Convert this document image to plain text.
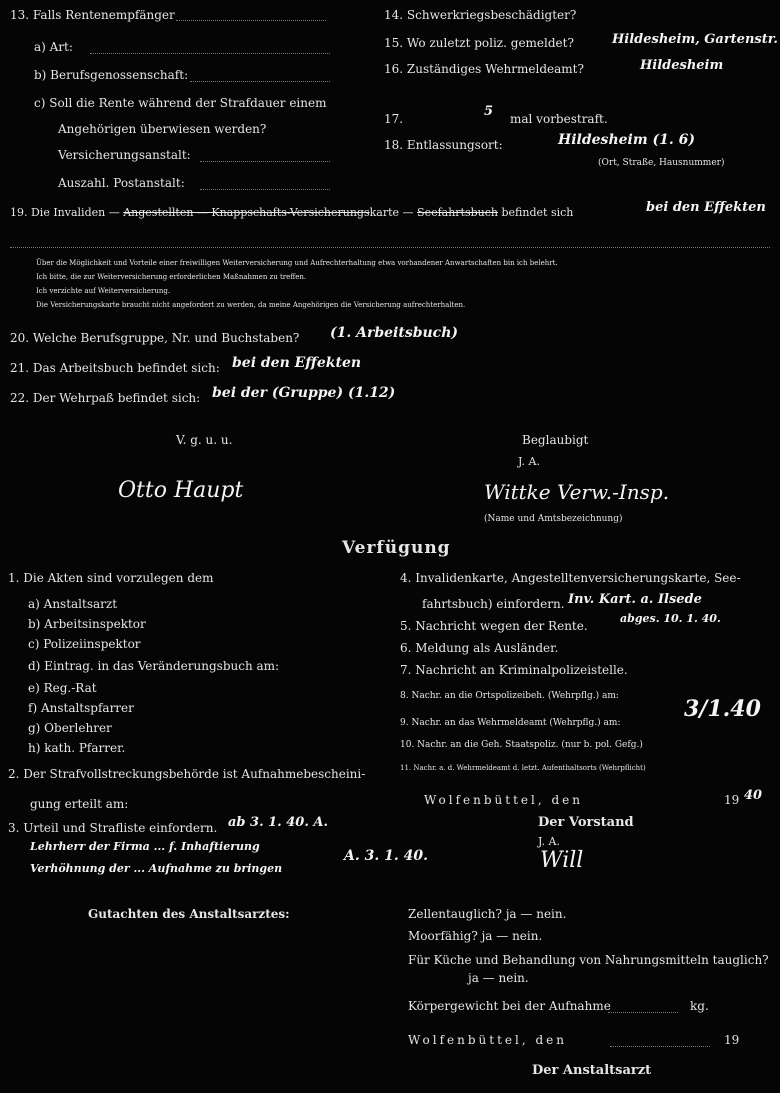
13. Falls Rentenempfänger
a) Art:
b) Berufsgenossenschaft:
c) Soll die Rente während der Strafdauer einem
Angehörigen überwiesen werden?
Versicherungsanstalt:
Auszahl. Postanstalt:
14. Schwerkriegsbeschädigter?
15. Wo zuletzt poliz. gemeldet?	Hildesheim, Gartenstr.
16. Zuständiges Wehrmeldeamt?	Hildesheim
17.	5 mal vorbestraft.
18. Entlassungsort:	Hildesheim (1. 6)
(Ort, Straße, Hausnummer)
19. Die Invaliden — Angestellten — Knappschafts-Versicherungskarte — Seefahrtsbuch befindet sich	bei den Effekten
Über die Möglichkeit und Vorteile einer freiwilligen Weiterversicherung und Aufrechterhaltung etwa vorhandener Anwartschaften bin ich belehrt.
Ich bitte, die zur Weiterversicherung erforderlichen Maßnahmen zu treffen.
Ich verzichte auf Weiterversicherung.
Die Versicherungskarte braucht nicht angefordert zu werden, da meine Angehörigen die Versicherung aufrechterhalten.
20. Welche Berufsgruppe, Nr. und Buchstaben? (1. Arbeitsbuch)
21. Das Arbeitsbuch befindet sich: bei den Effekten
22. Der Wehrpaß befindet sich: bei der (Gruppe) (1.12)
V. g. u. u.
Otto Haupt
Beglaubigt
J. A.
Wittke Verw.-Insp.
(Name und Amtsbezeichnung)
Verfügung
1. Die Akten sind vorzulegen dem
a) Anstaltsarzt
b) Arbeitsinspektor
c) Polizeiinspektor
d) Eintrag. in das Veränderungsbuch am:
e) Reg.-Rat
f) Anstaltspfarrer
g) Oberlehrer
h) kath. Pfarrer.
2. Der Strafvollstreckungsbehörde ist Aufnahmebescheini-
gung erteilt am:
3. Urteil und Strafliste einfordern. ab 3. 1. 40. A.
Lehrherr der Firma ... f. Inhaftierung
Verhöhnung der ... Aufnahme zu bringen
A. 3. 1. 40.
4. Invalidenkarte, Angestelltenversicherungskarte, See-
fahrtsbuch) einfordern. Inv. Kart. a. Ilsede
abges. 10. 1. 40.
5. Nachricht wegen der Rente.
6. Meldung als Ausländer.
7. Nachricht an Kriminalpolizeistelle.
8. Nachr. an die Ortspolizeibeh. (Wehrpflg.) am:
9. Nachr. an das Wehrmeldeamt (Wehrpflg.) am:
10. Nachr. an die Geh. Staatspoliz. (nur b. pol. Gefg.)
11. Nachr. a. d. Wehrmeldeamt d. letzt. Aufenthaltsorts (Wehrpflicht)
3/1.40
Wolfenbüttel, den	19 40
Der Vorstand
J. A.
Will
Gutachten des Anstaltsarztes:	Zellentauglich? ja — nein.
Moorfähig? ja — nein.
Für Küche und Behandlung von Nahrungsmitteln tauglich?
ja — nein.
Körpergewicht bei der Aufnahme	kg.
Wolfenbüttel, den	19
Der Anstaltsarzt
